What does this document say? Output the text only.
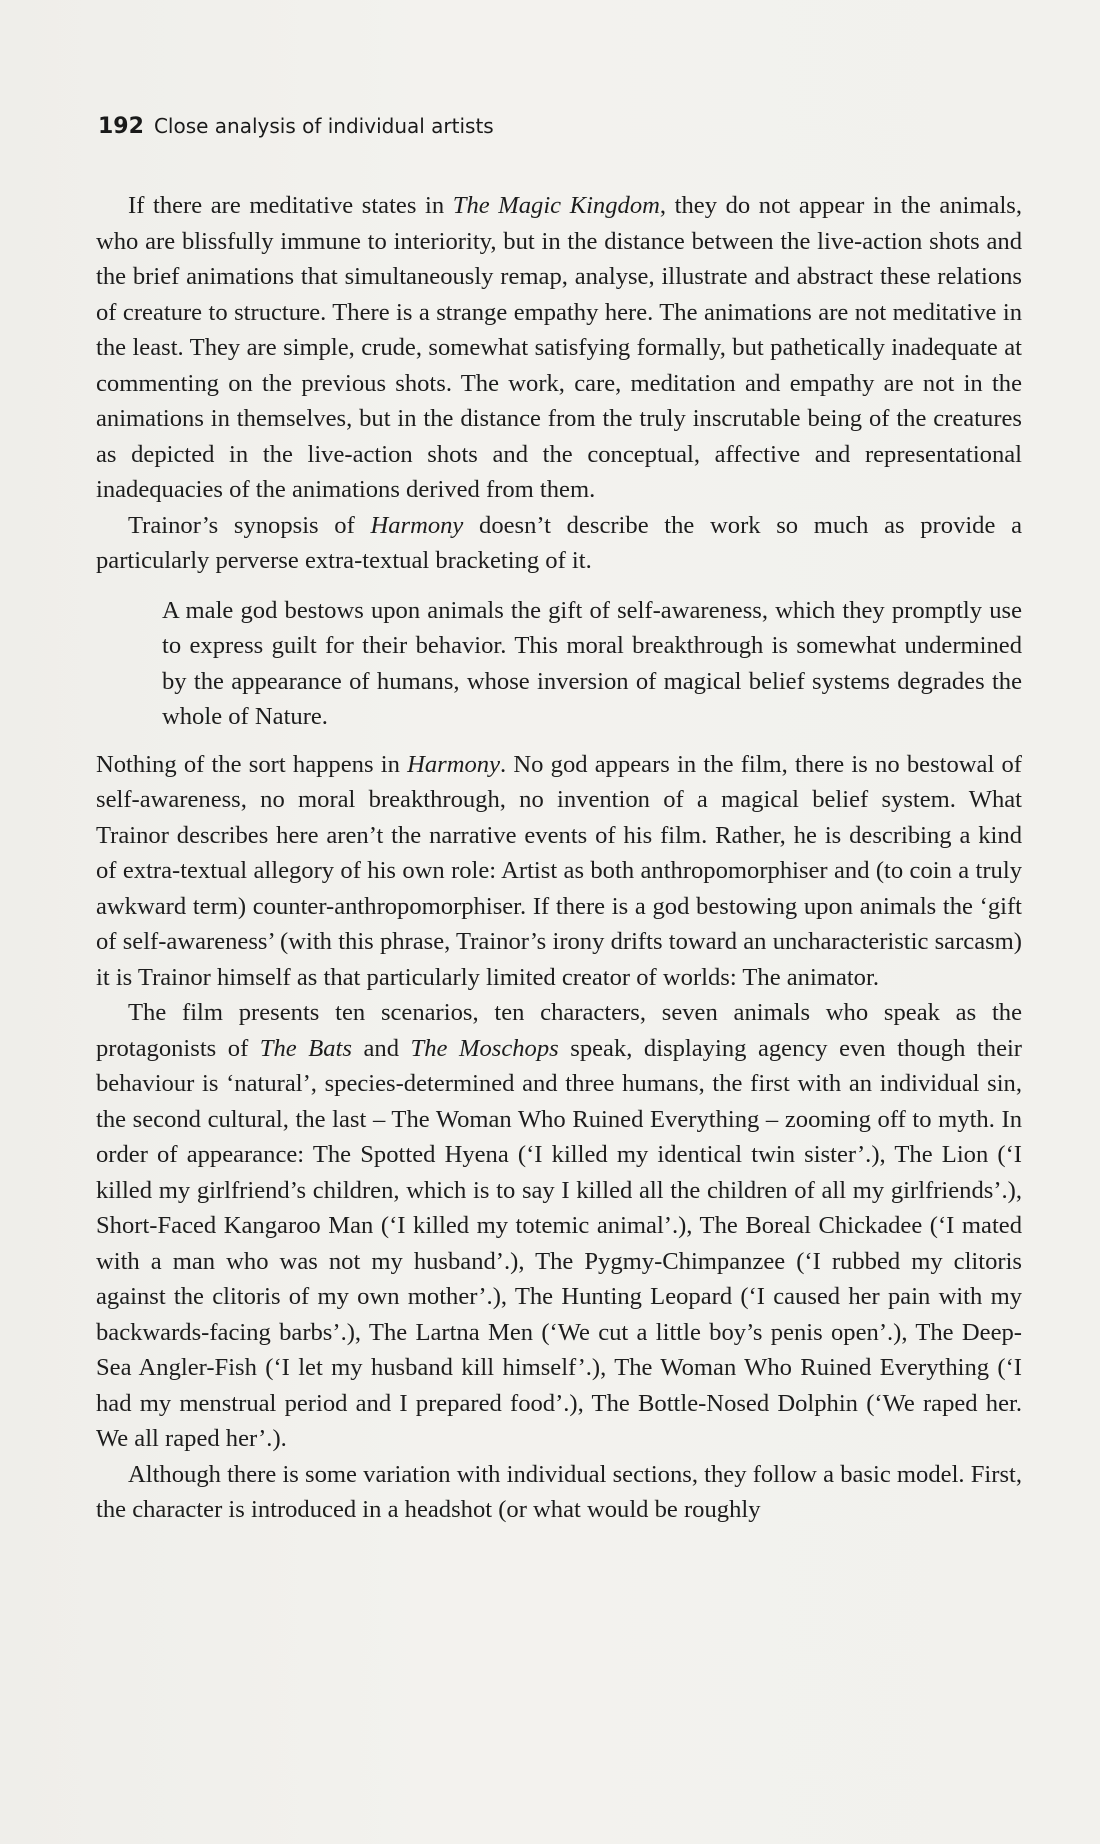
192 Close analysis of individual artists

If there are meditative states in The Magic Kingdom, they do not appear in the animals, who are blissfully immune to interiority, but in the distance between the live-action shots and the brief animations that simultaneously remap, analyse, illustrate and abstract these relations of creature to structure. There is a strange empathy here. The animations are not meditative in the least. They are simple, crude, somewhat satisfying formally, but pathetically inadequate at commenting on the previous shots. The work, care, meditation and empathy are not in the animations in themselves, but in the distance from the truly inscrutable being of the creatures as depicted in the live-action shots and the conceptual, affective and representational inadequacies of the animations derived from them.

Trainor’s synopsis of Harmony doesn’t describe the work so much as provide a particularly perverse extra-textual bracketing of it.

A male god bestows upon animals the gift of self-awareness, which they promptly use to express guilt for their behavior. This moral breakthrough is somewhat undermined by the appearance of humans, whose inversion of magical belief systems degrades the whole of Nature.

Nothing of the sort happens in Harmony. No god appears in the film, there is no bestowal of self-awareness, no moral breakthrough, no invention of a magical belief system. What Trainor describes here aren’t the narrative events of his film. Rather, he is describing a kind of extra-textual allegory of his own role: Artist as both anthropomorphiser and (to coin a truly awkward term) counter-anthropomorphiser. If there is a god bestowing upon animals the ‘gift of self-awareness’ (with this phrase, Trainor’s irony drifts toward an uncharacteristic sarcasm) it is Trainor himself as that particularly limited creator of worlds: The animator.

The film presents ten scenarios, ten characters, seven animals who speak as the protagonists of The Bats and The Moschops speak, displaying agency even though their behaviour is ‘natural’, species-determined and three humans, the first with an individual sin, the second cultural, the last – The Woman Who Ruined Everything – zooming off to myth. In order of appearance: The Spotted Hyena (‘I killed my identical twin sister’.), The Lion (‘I killed my girlfriend’s children, which is to say I killed all the children of all my girlfriends’.), Short-Faced Kangaroo Man (‘I killed my totemic animal’.), The Boreal Chickadee (‘I mated with a man who was not my husband’.), The Pygmy-Chimpanzee (‘I rubbed my clitoris against the clitoris of my own mother’.), The Hunting Leopard (‘I caused her pain with my backwards-facing barbs’.), The Lartna Men (‘We cut a little boy’s penis open’.), The Deep-Sea Angler-Fish (‘I let my husband kill himself’.), The Woman Who Ruined Everything (‘I had my menstrual period and I prepared food’.), The Bottle-Nosed Dolphin (‘We raped her. We all raped her’.).

Although there is some variation with individual sections, they follow a basic model. First, the character is introduced in a headshot (or what would be roughly
